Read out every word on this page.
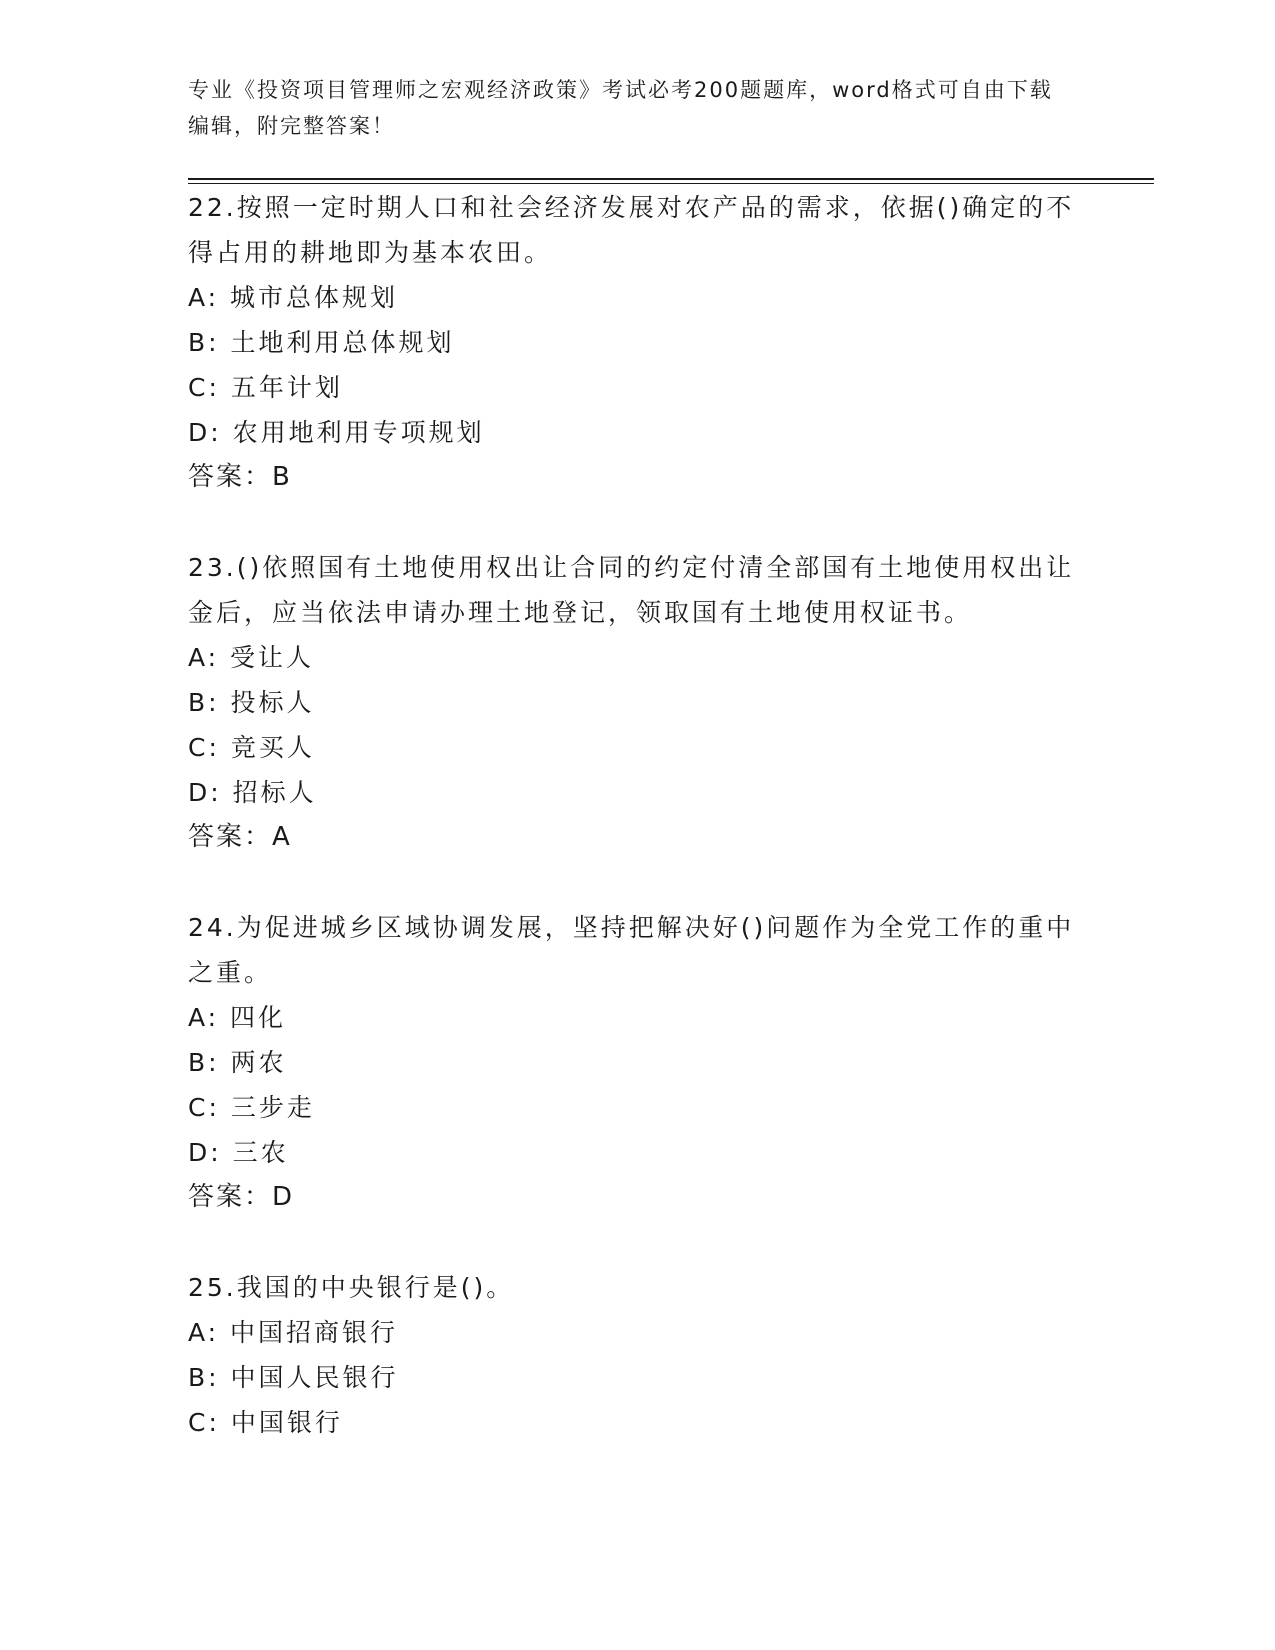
专业《投资项目管理师之宏观经济政策》考试必考200题题库，word格式可自由下载编辑，附完整答案！

22.按照一定时期人口和社会经济发展对农产品的需求，依据()确定的不得占用的耕地即为基本农田。

A: 城市总体规划

B: 土地利用总体规划

C: 五年计划

D: 农用地利用专项规划

答案：B

23.()依照国有土地使用权出让合同的约定付清全部国有土地使用权出让金后，应当依法申请办理土地登记，领取国有土地使用权证书。

A: 受让人

B: 投标人

C: 竞买人

D: 招标人

答案：A

24.为促进城乡区域协调发展，坚持把解决好()问题作为全党工作的重中之重。

A: 四化

B: 两农

C: 三步走

D: 三农

答案：D

25.我国的中央银行是()。

A: 中国招商银行

B: 中国人民银行

C: 中国银行
